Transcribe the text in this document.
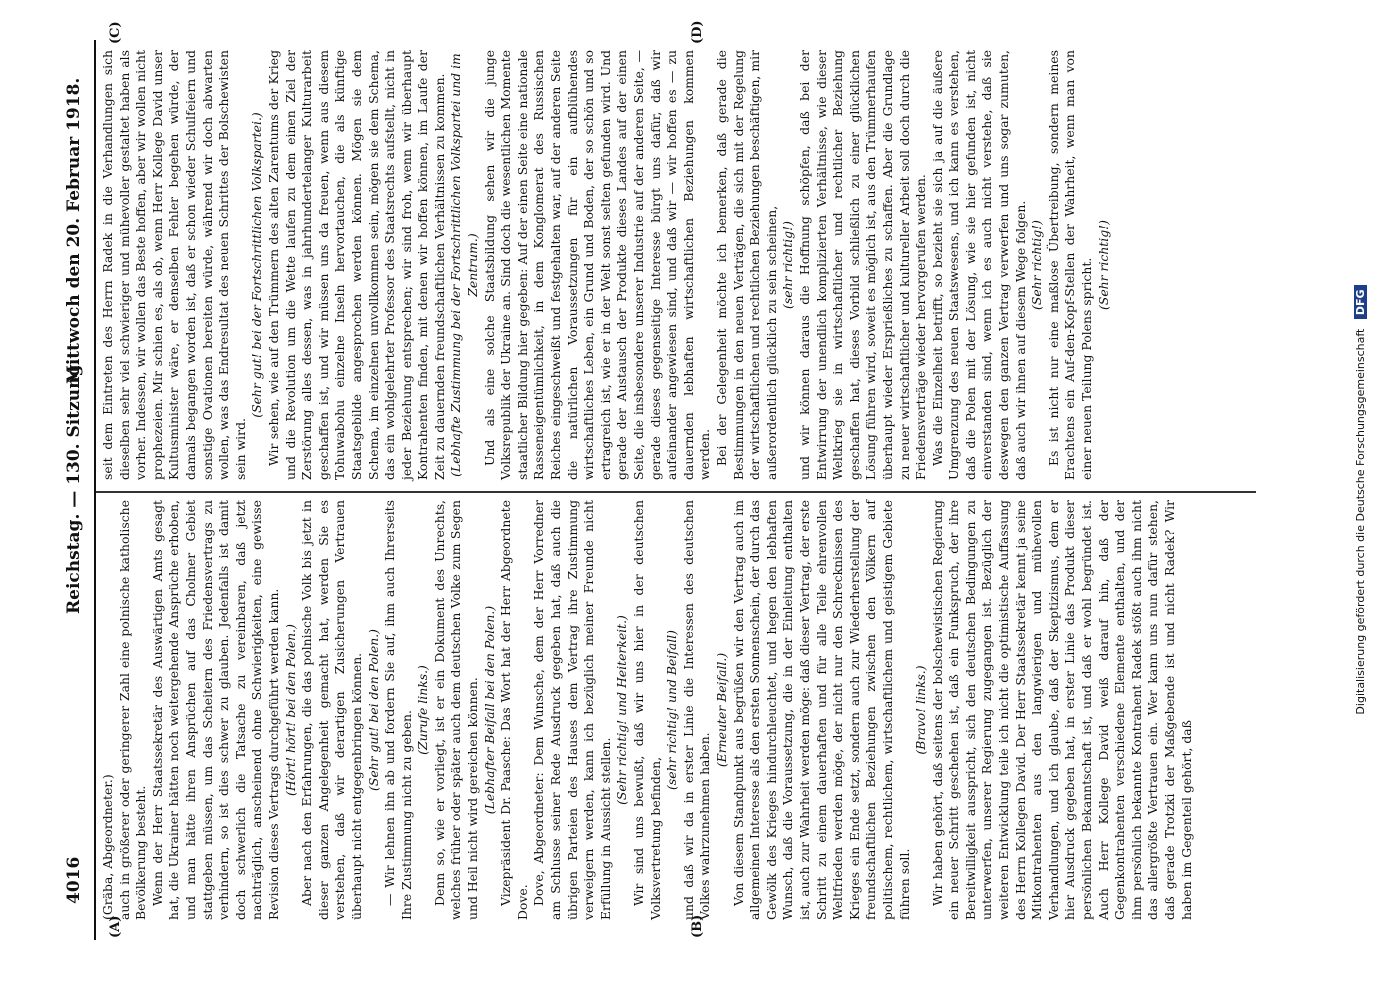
4016
Reichstag. — 130. Sitzung.
Mittwoch den 20. Februar 1918.
(A)	(B)
(C)	(D)

(Gräba, Abgeordneter.) auch in größerer oder geringerer Zahl eine polnische katholische Bevölkerung besteht. Wenn der Herr Staatssekretär des Auswärtigen Amts gesagt hat, die Ukrainer hätten noch weitergehende Ansprüche erhoben, und man hätte ihren Ansprüchen auf das Cholmer Gebiet stattgeben müssen, um das Scheitern des Friedensvertrags zu verhindern, so ist dies schwer zu glauben. Jedenfalls ist damit doch schwerlich die Tatsache zu vereinbaren, daß jetzt nachträglich, anscheinend ohne Schwierigkeiten, eine gewisse Revision dieses Vertrags durchgeführt werden kann. (Hört! hört! bei den Polen.) Aber nach den Erfahrungen, die das polnische Volk bis jetzt in dieser ganzen Angelegenheit gemacht hat, werden Sie es verstehen, daß wir derartigen Zusicherungen Vertrauen überhaupt nicht entgegenbringen können. (Sehr gut! bei den Polen.) — Wir lehnen ihn ab und fordern Sie auf, ihm auch Ihrerseits Ihre Zustimmung nicht zu geben.

(Zurufe links.) Denn so, wie er vorliegt, ist er ein Dokument des Unrechts, welches früher oder später auch dem deutschen Volke zum Segen und Heil nicht wird gereichen können. (Lebhafter Beifall bei den Polen.) Vizepräsident Dr. Paasche: Das Wort hat der Herr Abgeordnete Dove. Dove, Abgeordneter: Dem Wunsche, dem der Herr Vorredner am Schlusse seiner Rede Ausdruck gegeben hat, daß auch die übrigen Parteien des Hauses dem Vertrag ihre Zustimmung verweigern werden, kann ich bezüglich meiner Freunde nicht Erfüllung in Aussicht stellen.

(Sehr richtig! und Heiterkeit.) Wir sind uns bewußt, daß wir uns hier in der deutschen Volksvertretung befinden,

(sehr richtig! und Beifall) und daß wir da in erster Linie die Interessen des deutschen Volkes wahrzunehmen haben.

(Erneuter Beifall.) Von diesem Standpunkt aus begrüßen wir den Vertrag auch im allgemeinen Interesse als den ersten Sonnenschein, der durch das Gewölk des Krieges hindurchleuchtet, und hegen den lebhaften Wunsch, daß die Voraussetzung, die in der Einleitung enthalten ist, auch zur Wahrheit werden möge: daß dieser Vertrag, der erste Schritt zu einem dauerhaften und für alle Teile ehrenvollen Weltfrieden werden möge, der nicht nur den Schrecknissen des Krieges ein Ende setzt, sondern auch zur Wiederherstellung der freundschaftlichen Beziehungen zwischen den Völkern auf politischem, rechtlichem, wirtschaftlichem und geistigem Gebiete führen soll.

(Bravo! links.) Wir haben gehört, daß seitens der bolschewistischen Regierung ein neuer Schritt geschehen ist, daß ein Funkspruch, der ihre Bereitwilligkeit ausspricht, sich den deutschen Bedingungen zu unterwerfen, unserer Regierung zugegangen ist. Bezüglich der weiteren Entwicklung teile ich nicht die optimistische Auffassung des Herrn Kollegen David. Der Herr Staatssekretär kennt ja seine Mitkontrahenten aus den langwierigen und mühevollen Verhandlungen, und ich glaube, daß der Skeptizismus, dem er hier Ausdruck gegeben hat, in erster Linie das Produkt dieser persönlichen Bekanntschaft ist, und daß er wohl begründet ist. Auch Herr Kollege David weiß darauf hin, daß der Gegenkontrahenten verschiedene Elemente enthalten, und der ihm persönlich bekannte Kontrahent Radek stößt auch ihm nicht das allergrößte Vertrauen ein. Wer kann uns nun dafür stehen, daß gerade Trotzki der Maßgebende ist und nicht Radek? Wir haben im Gegenteil gehört, daß

seit dem Eintreten des Herrn Radek in die Verhandlungen sich dieselben sehr viel schwieriger und mühevoller gestaltet haben als vorher. Indessen, wir wollen das Beste hoffen, aber wir wollen nicht prophezeien. Mir schien es, als ob, wenn Herr Kollege David unser Kultusminister wäre, er denselben Fehler begehen würde, der damals begangen worden ist, daß er schon wieder Schulfeiern und sonstige Ovationen bereiten würde, während wir doch abwarten wollen, was das Endresultat des neuen Schrittes der Bolschewisten sein wird.

(Sehr gut! bei der Fortschrittlichen Volkspartei.) Wir sehen, wie auf den Trümmern des alten Zarentums der Krieg und die Revolution um die Wette laufen zu dem einen Ziel der Zerstörung alles dessen, was in jahrhundertelanger Kulturarbeit geschaffen ist, und wir müssen uns da freuen, wenn aus diesem Tohuwabohu einzelne Inseln hervortauchen, die als künftige Staatsgebilde angesprochen werden können. Mögen sie dem Schema, im einzelnen unvollkommen sein, mögen sie dem Schema, das ein wohlgelehrter Professor des Staatsrechts aufstellt, nicht in jeder Beziehung entsprechen; wir sind froh, wenn wir überhaupt Kontrahenten finden, mit denen wir hoffen können, im Laufe der Zeit zu dauernden freundschaftlichen Verhältnissen zu kommen. (Lebhafte Zustimmung bei der Fortschrittlichen Volkspartei und im Zentrum.) Und als eine solche Staatsbildung sehen wir die junge Volksrepublik der Ukraine an. Sind doch die wesentlichen Momente staatlicher Bildung hier gegeben: Auf der einen Seite eine nationale Rasseneigentümlichkeit, in dem Konglomerat des Russischen Reiches eingeschweißt und festgehalten war, auf der anderen Seite die natürlichen Voraussetzungen für ein aufblühendes wirtschaftliches Leben, ein Grund und Boden, der so schön und so ertragreich ist, wie er in der Welt sonst selten gefunden wird. Und gerade der Austausch der Produkte dieses Landes auf der einen Seite, die insbesondere unserer Industrie auf der anderen Seite, — gerade dieses gegenseitige Interesse bürgt uns dafür, daß wir aufeinander angewiesen sind, und daß wir — wir hoffen es — zu dauernden lebhaften wirtschaftlichen Beziehungen kommen werden. Bei der Gelegenheit möchte ich bemerken, daß gerade die Bestimmungen in den neuen Verträgen, die sich mit der Regelung der wirtschaftlichen und rechtlichen Beziehungen beschäftigen, mir außerordentlich glücklich zu sein scheinen, (sehr richtig!) und wir können daraus die Hoffnung schöpfen, daß bei der Entwirrung der unendlich komplizierten Verhältnisse, wie dieser Weltkrieg sie in wirtschaftlicher und rechtlicher Beziehung geschaffen hat, dieses Vorbild schließlich zu einer glücklichen Lösung führen wird, soweit es möglich ist, aus den Trümmerhaufen überhaupt wieder Ersprießliches zu schaffen. Aber die Grundlage zu neuer wirtschaftlicher und kultureller Arbeit soll doch durch die Friedensverträge wieder hervorgerufen werden. Was die Einzelheit betrifft, so bezieht sie sich ja auf die äußere Umgrenzung des neuen Staatswesens, und ich kann es verstehen, daß die Polen mit der Lösung, wie sie hier gefunden ist, nicht einverstanden sind, wenn ich es auch nicht verstehe, daß sie deswegen den ganzen Vertrag verwerfen und uns sogar zumuten, daß auch wir ihnen auf diesem Wege folgen. (Sehr richtig!) Es ist nicht nur eine maßlose Übertreibung, sondern meines Erachtens ein Auf-den-Kopf-Stellen der Wahrheit, wenn man von einer neuen Teilung Polens spricht. (Sehr richtig!)

Digitalisierung gefördert durch die Deutsche Forschungsgemeinschaft DFG
